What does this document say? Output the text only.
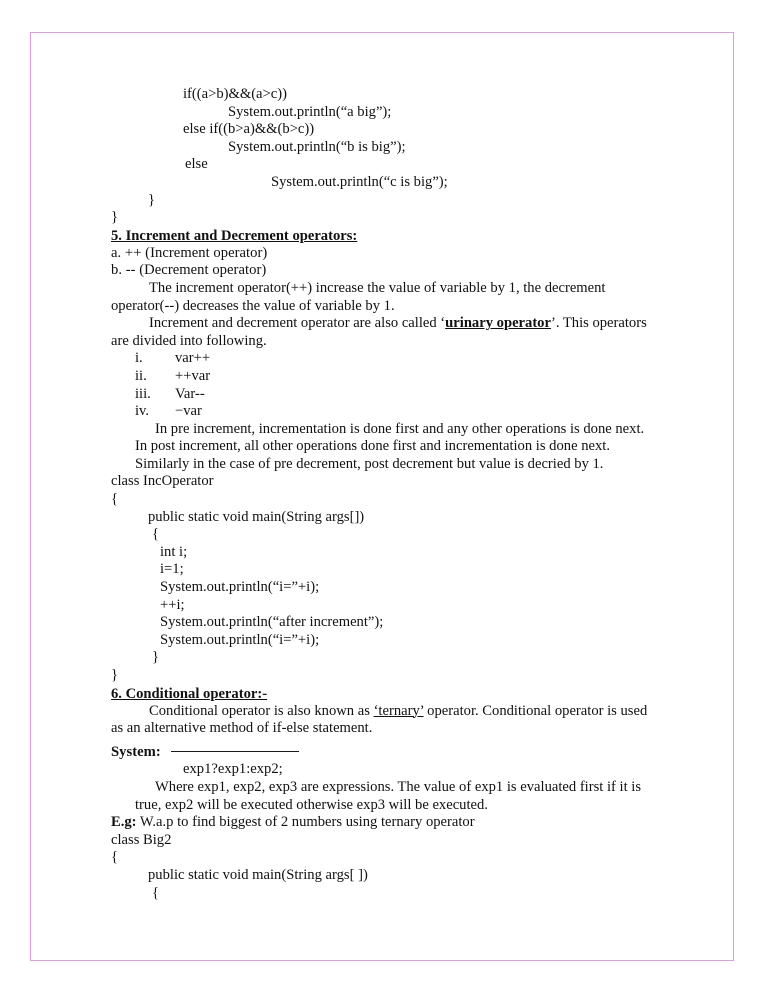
if((a>b)&&(a>c))
System.out.println(“a big”);
else if((b>a)&&(b>c))
System.out.println(“b is big”);
else
System.out.println(“c is big”);
}
}
5. Increment and Decrement operators:
a. ++ (Increment operator)
b. -- (Decrement operator)
The increment operator(++) increase the value of variable by 1, the decrement operator(--) decreases the value of variable by 1.
Increment and decrement operator are also called ‘urinary operator’. This operators are divided into following.
i.	var++
ii.	++var
iii.	Var--
iv.	−var
In pre increment, incrementation is done first and any other operations is done next. In post increment, all other operations done first and incrementation is done next. Similarly in the case of pre decrement, post decrement but value is decried by 1.
class IncOperator
{
public static void main(String args[])
{
int i;
i=1;
System.out.println(“i=”+i);
++i;
System.out.println(“after increment”);
System.out.println(“i=”+i);
}
}
6. Conditional operator:-
Conditional operator is also known as ‘ternary’ operator. Conditional operator is used as an alternative method of if-else statement.
System:
exp1?exp1:exp2;
Where exp1, exp2, exp3 are expressions. The value of exp1 is evaluated first if it is true, exp2 will be executed otherwise exp3 will be executed.
E.g: W.a.p to find biggest of 2 numbers using ternary operator
class Big2
{
public static void main(String args[ ])
{
